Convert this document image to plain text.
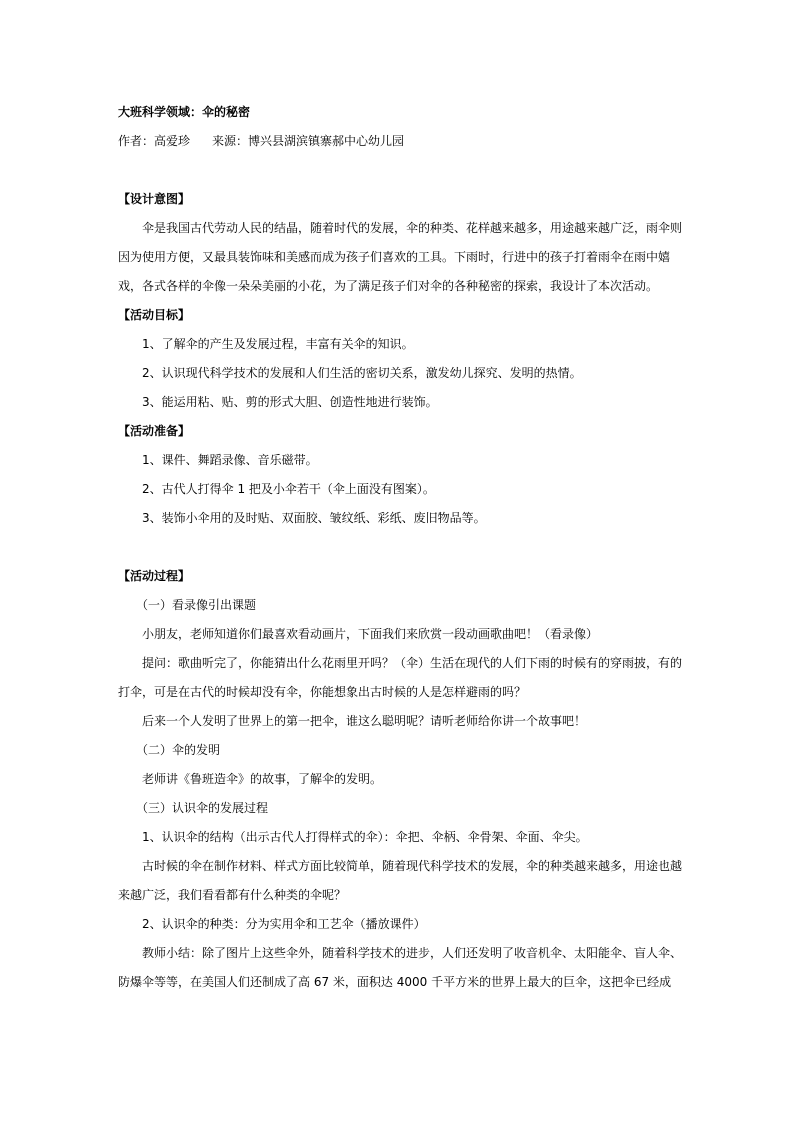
大班科学领域：伞的秘密
作者：高爱珍 来源：博兴县湖滨镇寨郝中心幼儿园
【设计意图】
　　伞是我国古代劳动人民的结晶，随着时代的发展，伞的种类、花样越来越多，用途越来越广泛，雨伞则
因为使用方便，又最具装饰味和美感而成为孩子们喜欢的工具。下雨时，行进中的孩子打着雨伞在雨中嬉
戏，各式各样的伞像一朵朵美丽的小花，为了满足孩子们对伞的各种秘密的探索，我设计了本次活动。
【活动目标】
　　1、了解伞的产生及发展过程，丰富有关伞的知识。
　　2、认识现代科学技术的发展和人们生活的密切关系，激发幼儿探究、发明的热情。
　　3、能运用粘、贴、剪的形式大胆、创造性地进行装饰。
【活动准备】
　　1、课件、舞蹈录像、音乐磁带。
　　2、古代人打得伞 1 把及小伞若干（伞上面没有图案）。
　　3、装饰小伞用的及时贴、双面胶、皱纹纸、彩纸、废旧物品等。
【活动过程】
　　（一）看录像引出课题
　　小朋友，老师知道你们最喜欢看动画片，下面我们来欣赏一段动画歌曲吧！（看录像）
　　提问：歌曲听完了，你能猜出什么花雨里开吗？（伞）生活在现代的人们下雨的时候有的穿雨披，有的
打伞，可是在古代的时候却没有伞，你能想象出古时候的人是怎样避雨的吗？
　　后来一个人发明了世界上的第一把伞，谁这么聪明呢？请听老师给你讲一个故事吧！
　　（二）伞的发明
　　老师讲《鲁班造伞》的故事，了解伞的发明。
　　（三）认识伞的发展过程
　　1、认识伞的结构（出示古代人打得样式的伞）：伞把、伞柄、伞骨架、伞面、伞尖。
　　古时候的伞在制作材料、样式方面比较简单，随着现代科学技术的发展，伞的种类越来越多，用途也越
来越广泛，我们看看都有什么种类的伞呢？
　　2、认识伞的种类：分为实用伞和工艺伞（播放课件）
　　教师小结：除了图片上这些伞外，随着科学技术的进步，人们还发明了收音机伞、太阳能伞、盲人伞、
防爆伞等等，在美国人们还制成了高 67 米，面积达 4000 千平方米的世界上最大的巨伞，这把伞已经成
